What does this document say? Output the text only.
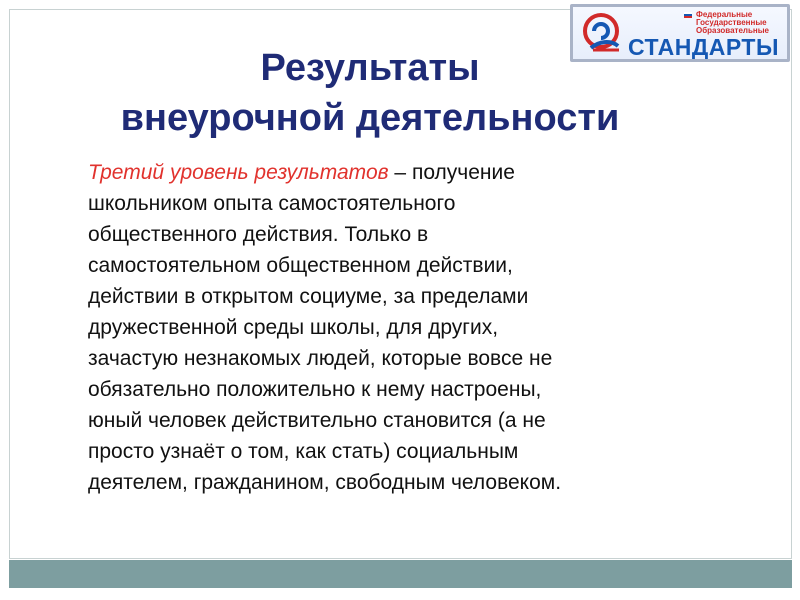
Федеральные
Государственные
Образовательные
СТАНДАРТЫ
Результаты
внеурочной деятельности

Третий уровень результатов – получение
школьником опыта самостоятельного
общественного действия. Только в
самостоятельном общественном действии,
действии в открытом социуме, за пределами
дружественной среды школы, для других,
зачастую незнакомых людей, которые вовсе не
обязательно положительно к нему настроены,
юный человек действительно становится (а не
просто узнаёт о том, как стать) социальным
деятелем, гражданином, свободным человеком.
